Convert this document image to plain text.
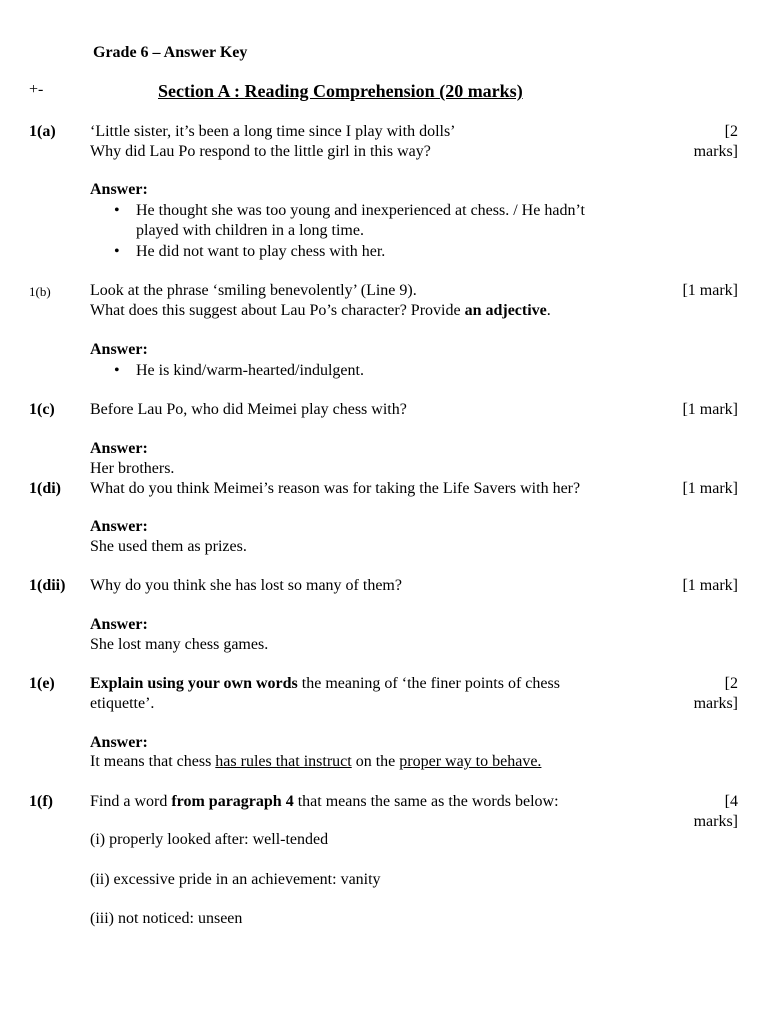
Grade 6 – Answer Key
+-	Section A : Reading Comprehension (20 marks)
1(a) ‘Little sister, it’s been a long time since I play with dolls’
Why did Lau Po respond to the little girl in this way?
[2
marks]
Answer:
• He thought she was too young and inexperienced at chess. / He hadn’t
played with children in a long time.
• He did not want to play chess with her.
1(b) Look at the phrase ‘smiling benevolently’ (Line 9).
What does this suggest about Lau Po’s character? Provide an adjective.
[1 mark]
Answer:
• He is kind/warm-hearted/indulgent.
1(c) Before Lau Po, who did Meimei play chess with?	[1 mark]
Answer:
Her brothers.
1(di) What do you think Meimei’s reason was for taking the Life Savers with her?	[1 mark]
Answer:
She used them as prizes.
1(dii) Why do you think she has lost so many of them?	[1 mark]
Answer:
She lost many chess games.
1(e) Explain using your own words the meaning of ‘the finer points of chess
etiquette’.
[2
marks]
Answer:
It means that chess has rules that instruct on the proper way to behave.
1(f) Find a word from paragraph 4 that means the same as the words below:	[4
marks]
(i) properly looked after: well-tended
(ii) excessive pride in an achievement: vanity
(iii) not noticed: unseen
